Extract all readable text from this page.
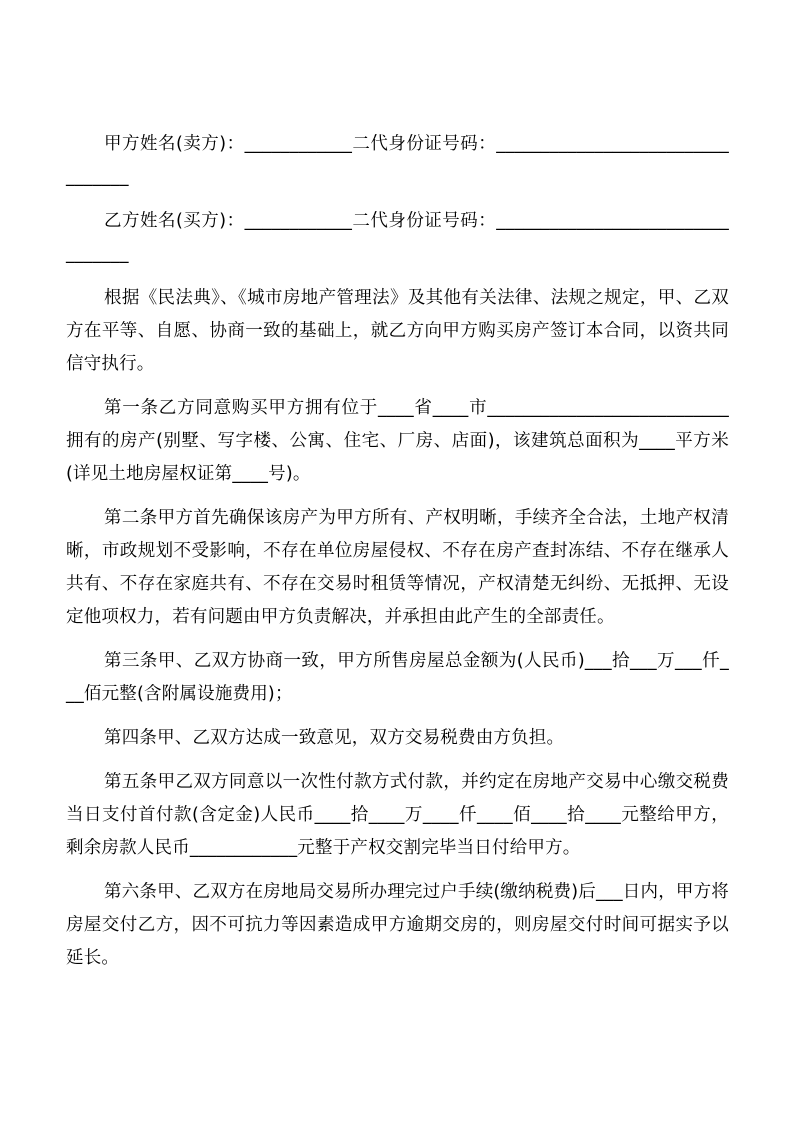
甲方姓名(卖方)：____________二代身份证号码：_________________________________

乙方姓名(买方)：____________二代身份证号码：_________________________________

根据《民法典》、《城市房地产管理法》及其他有关法律、法规之规定，甲、乙双方在平等、自愿、协商一致的基础上，就乙方向甲方购买房产签订本合同，以资共同信守执行。

第一条乙方同意购买甲方拥有位于____省____市___________________________拥有的房产(别墅、写字楼、公寓、住宅、厂房、店面)，该建筑总面积为____平方米(详见土地房屋权证第____号)。

第二条甲方首先确保该房产为甲方所有、产权明晰，手续齐全合法，土地产权清晰，市政规划不受影响，不存在单位房屋侵权、不存在房产查封冻结、不存在继承人共有、不存在家庭共有、不存在交易时租赁等情况，产权清楚无纠纷、无抵押、无设定他项权力，若有问题由甲方负责解决，并承担由此产生的全部责任。

第三条甲、乙双方协商一致，甲方所售房屋总金额为(人民币)___拾___万___仟___佰元整(含附属设施费用)；

第四条甲、乙双方达成一致意见，双方交易税费由方负担。

第五条甲乙双方同意以一次性付款方式付款，并约定在房地产交易中心缴交税费当日支付首付款(含定金)人民币____拾____万____仟____佰____拾____元整给甲方，剩余房款人民币____________元整于产权交割完毕当日付给甲方。

第六条甲、乙双方在房地局交易所办理完过户手续(缴纳税费)后___日内，甲方将房屋交付乙方，因不可抗力等因素造成甲方逾期交房的，则房屋交付时间可据实予以延长。
